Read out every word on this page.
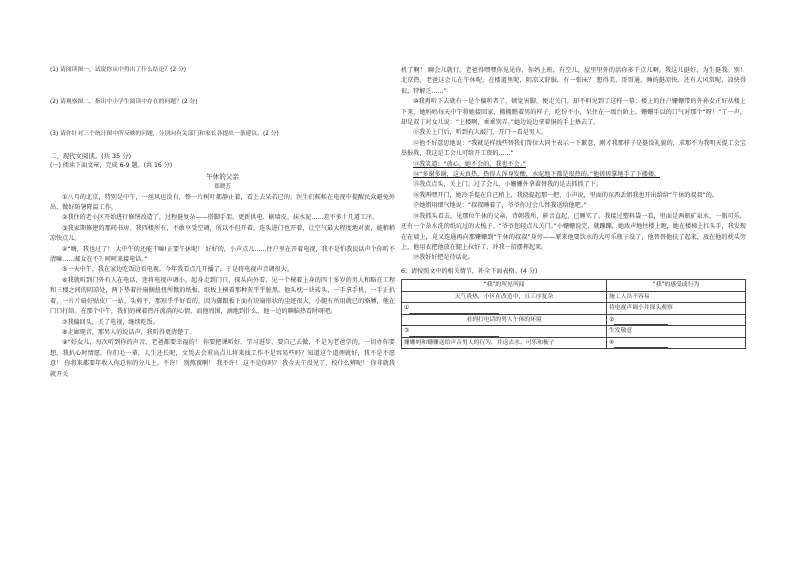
(1) 请阅读图一，试说你从中得出了什么结论？(2 分)

(2) 请观察图二，指出中小学生阅读中存在的问题？(2 分)

(3) 请你针对三个统计图中所反映的问题，分别向有关部门和家长各提出一条建议。(2 分)

二、现代文阅读。(共 35 分)

(一) 阅读下面文章，完成 6-9 题。(共 16 分)

午休的父亲

郑晓芳

①八月的北京，特别是中午，一丝风也没有，整一片树叶都静止着，看上去呆若已的。医生们候候在电视中提醒民众避免外出，做好防暑降温工作。

②我住的老小区开始进行修缮改造了，过程挺复杂——搭脚手架、更新供电、刷墙皮、抹水泥……差不多十几道工序。

③我家期修建的那间书房。我四楼所有，不敢享受空调，所以不但开着，连头进门也开着，让空气最大程度地对流，能稍稍凉快点儿。

④“嗨，我也过了！ 大中午的还能干嘛!正要午休呢！ 好好的，小声点儿……往户里在开着电视，我不是怕我说话声个你听不清嘛……邮女在不？呵呵来接电话。”

⑤一天中午，我在家边吃饭边看电视。今年我看点几开播了，于是将电视声音调很大。

⑥我就听到门外有人在电话，迷将电视声调小，起身走到门口，探头向外看，见一个裸着上身的四十多岁的男人和略在工程和三楼之间的阴凉处，两下垫着扑扇捆扭扭所掀的纸板，纸板上横着那种灰乎乎脏黑。他头枕一块砖头，一手拿手机，一手正扒着，一片片扇好贴皮厂一站，头剪平，那短乎乎好看的。因为脚跟板下面有块扇形状的尘迹很大，小腿有所用就已的胳膊，他在门口打给。在那个中午，我们的裸着热汗流淌的心情，而他周围，滴地到什么，他一边的聊脑热看时呀吧。

⑦我偏回头，关了电视，继续吃饭。

⑧走廊现音，那男人的说话声，我听得更清楚了。

⑨“好女儿，每次听到你的声音，老爸都要幸福的！ 你要把课听好，学习进步，要自己去做，不是为老爸学的。一切办你要想，我扒心时情愿。你们毛一辈，人生还长呢，文凭去会重高点儿将来找工作不是容易些吗？知道这个道理就好，我不是不愿意！ 你将来都要年收入你总你的分儿上。不许！ 别熬夜啊！ 我不许！ 这不是你吗？ 我今天午没见了，校什么辨呢！ 你非就我就开关

机了啊！ 聊会儿就行。老爸得嘿嘿你见见你，你妈上班，有空儿，屋里里外的活你多干点儿啊。我这儿挺好，为生挺我。别！ 北京热，老爸这会儿在午休呢，在楼道里呢，阴凉又舒服，有一张床？ 想得美，哥哥通，睡的挺凉快。还有大风常呢，凉快得很，特解乏……”

⑩我再听下去就有一是个偏听者了，顿觉害脚，便走关门，却不料见到了这样一幕：楼上的住户姗姗带的外孙女正好从楼上下来，她妈妈每天中午将她接回家，搬搬瞧着男的样子，吃份不小，呆住在一级台阶上。姗姗手以的口气对那个“呀！”了一声，却是双丁对女儿说：“上楼啊，乖乖别弄。”她边说边拿着铜的手上捂去了。

⑪我关上门后，听到有人敲门，开门一看是男人。

⑫他不好意思地说：“我就是样找些替我们帮位大同主表示一下歉意，刚才我那样子是挺没礼貌的，求那不为我明天提工会宝举报我，我这是工会儿可给开工资的……”

⑬我笑道：“放心，她不会的，我也不会。”

⑭“多谢多谢，这天真热，热得人浑身发酸，水泥地下都是很热的。”他搓搓掌地手了下搂搂。

⑮我点点头，关上门。过了会儿，小姗姗外拿着替我的是去抓抓了下。

⑯我两嘿开门，她冷手提在自己稍上，我挠提起那一把，小声说，里面的东西丢姐我也开出给给“午休的叔叔”的。

⑰她姐用细气地说：“叔叔睡着了，爷爷你过会儿替我送给他吧。”

⑱我抓头看去，见那位午休的父亲，背朝我所，鼾音直起，已睡实了。我接过塑料袋一看，里面是两瓶矿泉水，一瓶可乐，还有一个杂水洗的纸坑过的大梳子。“爷爷您轻点儿关门。”小姗姗说完，就蹦蹦，她浓声地往楼上跑，她在楼梯上扛头手，我发现在在墙上，竟又连通再向那姗姗到“午休的叔叔”身旁——原来他要饮水的大可乐瓶子没了，他替替他扶了起来，放在他的枕头旁上，他用衣把他放在腿上拉好了，冲我一招摆挥起来。

⑲我好好把是待话化。

6、请按照文中的相关情节，补全下面表格。(4 分)

“我”的所见所闻	“我”的感受或行为
天气炎热，小区在改造中，且工序复杂	施工人员不容易
①	将电视声调小并探头观察
看到打电话的男人午休的环境	②
③	生发敬意
姗姗妈和姗姗送给声音男人的行为，并送去水、可乐和梳子	④
